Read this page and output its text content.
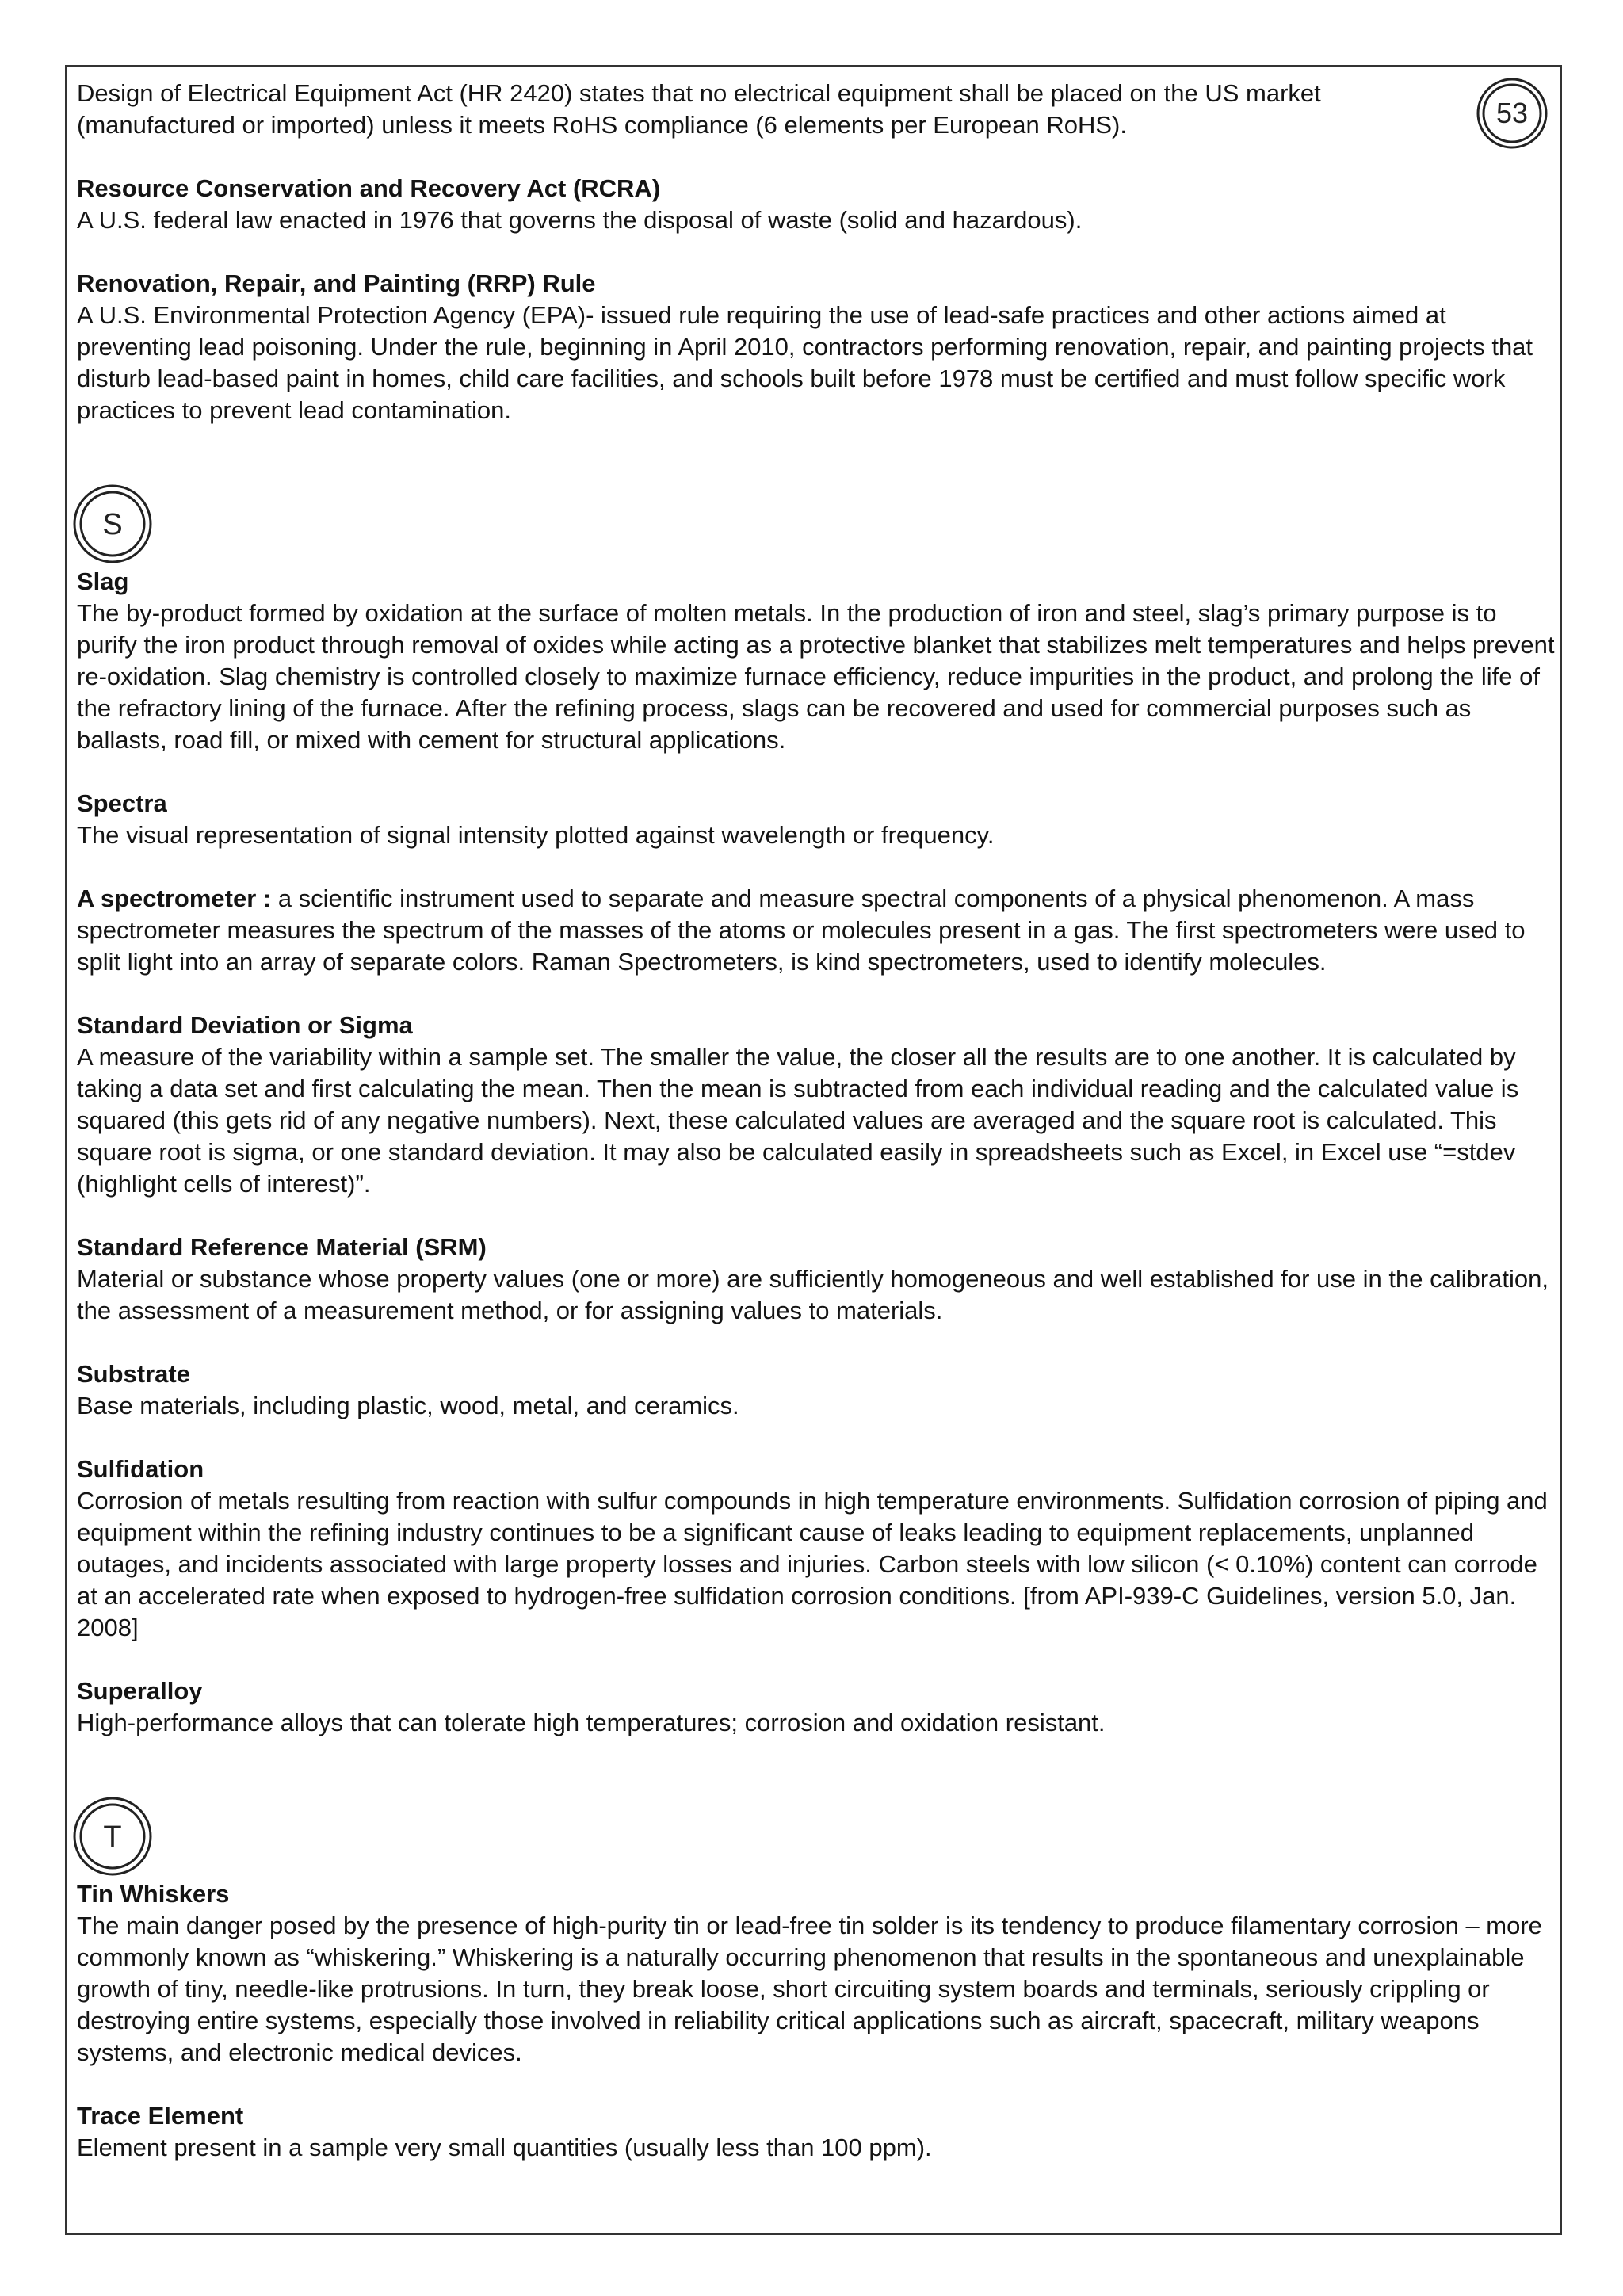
53

Design of Electrical Equipment Act (HR 2420) states that no electrical equipment shall be placed on the US market (manufactured or imported) unless it meets RoHS compliance (6 elements per European RoHS).

Resource Conservation and Recovery Act (RCRA)

A U.S. federal law enacted in 1976 that governs the disposal of waste (solid and hazardous).

Renovation, Repair, and Painting (RRP) Rule

A U.S. Environmental Protection Agency (EPA)- issued rule requiring the use of lead-safe practices and other actions aimed at preventing lead poisoning. Under the rule, beginning in April 2010, contractors performing renovation, repair, and painting projects that disturb lead-based paint in homes, child care facilities, and schools built before 1978 must be certified and must follow specific work practices to prevent lead contamination.

S
Slag

The by-product formed by oxidation at the surface of molten metals. In the production of iron and steel, slag’s primary purpose is to purify the iron product through removal of oxides while acting as a protective blanket that stabilizes melt temperatures and helps prevent re-oxidation. Slag chemistry is controlled closely to maximize furnace efficiency, reduce impurities in the product, and prolong the life of the refractory lining of the furnace. After the refining process, slags can be recovered and used for commercial purposes such as ballasts, road fill, or mixed with cement for structural applications.

Spectra

The visual representation of signal intensity plotted against wavelength or frequency.

A spectrometer : a scientific instrument used to separate and measure spectral components of a physical phenomenon. A mass spectrometer measures the spectrum of the masses of the atoms or molecules present in a gas. The first spectrometers were used to split light into an array of separate colors. Raman Spectrometers, is kind spectrometers, used to identify molecules.

Standard Deviation or Sigma

A measure of the variability within a sample set. The smaller the value, the closer all the results are to one another. It is calculated by taking a data set and first calculating the mean. Then the mean is subtracted from each individual reading and the calculated value is squared (this gets rid of any negative numbers). Next, these calculated values are averaged and the square root is calculated. This square root is sigma, or one standard deviation. It may also be calculated easily in spreadsheets such as Excel, in Excel use “=stdev (highlight cells of interest)”.

Standard Reference Material (SRM)

Material or substance whose property values (one or more) are sufficiently homogeneous and well established for use in the calibration, the assessment of a measurement method, or for assigning values to materials.

Substrate

Base materials, including plastic, wood, metal, and ceramics.

Sulfidation

Corrosion of metals resulting from reaction with sulfur compounds in high temperature environments. Sulfidation corrosion of piping and equipment within the refining industry continues to be a significant cause of leaks leading to equipment replacements, unplanned outages, and incidents associated with large property losses and injuries. Carbon steels with low silicon (< 0.10%) content can corrode at an accelerated rate when exposed to hydrogen-free sulfidation corrosion conditions. [from API-939-C Guidelines, version 5.0, Jan. 2008]

Superalloy

High-performance alloys that can tolerate high temperatures; corrosion and oxidation resistant.

T
Tin Whiskers

The main danger posed by the presence of high-purity tin or lead-free tin solder is its tendency to produce filamentary corrosion – more commonly known as “whiskering.” Whiskering is a naturally occurring phenomenon that results in the spontaneous and unexplainable growth of tiny, needle-like protrusions. In turn, they break loose, short circuiting system boards and terminals, seriously crippling or destroying entire systems, especially those involved in reliability critical applications such as aircraft, spacecraft, military weapons systems, and electronic medical devices.

Trace Element

Element present in a sample very small quantities (usually less than 100 ppm).
